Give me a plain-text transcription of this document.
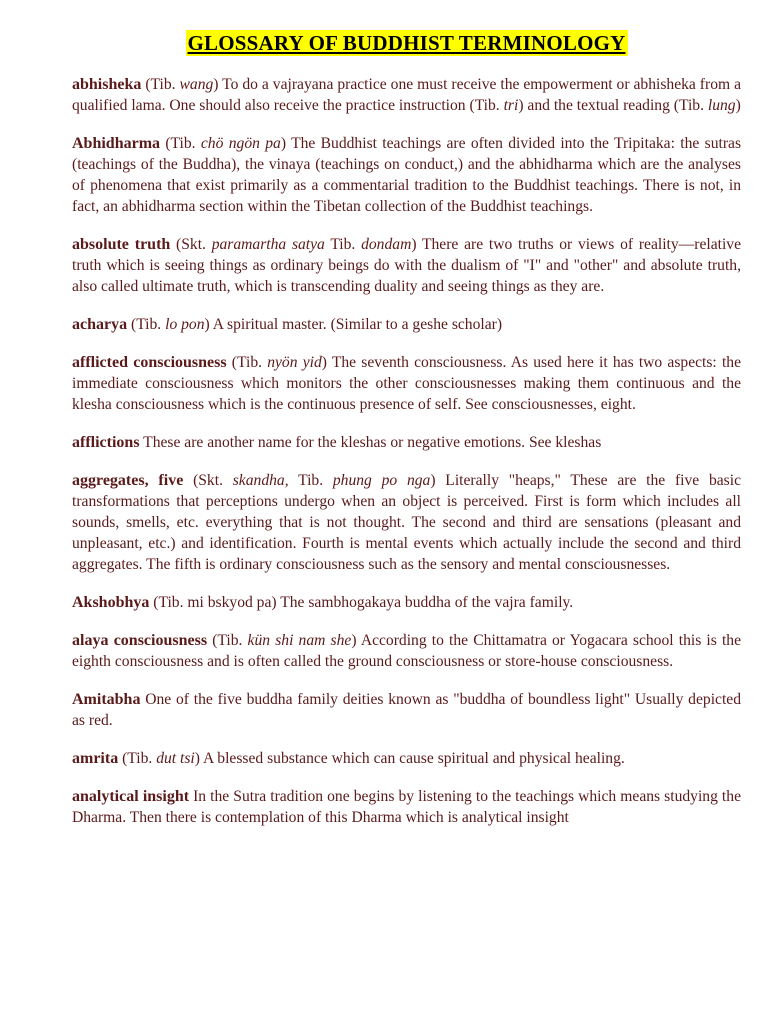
GLOSSARY OF BUDDHIST TERMINOLOGY

abhisheka (Tib. wang) To do a vajrayana practice one must receive the empowerment or abhisheka from a qualified lama. One should also receive the practice instruction (Tib. tri) and the textual reading (Tib. lung)

Abhidharma (Tib. chö ngön pa) The Buddhist teachings are often divided into the Tripitaka: the sutras (teachings of the Buddha), the vinaya (teachings on conduct,) and the abhidharma which are the analyses of phenomena that exist primarily as a commentarial tradition to the Buddhist teachings. There is not, in fact, an abhidharma section within the Tibetan collection of the Buddhist teachings.

absolute truth (Skt. paramartha satya Tib. dondam) There are two truths or views of reality—relative truth which is seeing things as ordinary beings do with the dualism of "I" and "other" and absolute truth, also called ultimate truth, which is transcending duality and seeing things as they are.

acharya (Tib. lo pon) A spiritual master. (Similar to a geshe scholar)

afflicted consciousness (Tib. nyön yid) The seventh consciousness. As used here it has two aspects: the immediate consciousness which monitors the other consciousnesses making them continuous and the klesha consciousness which is the continuous presence of self. See consciousnesses, eight.

afflictions These are another name for the kleshas or negative emotions. See kleshas

aggregates, five (Skt. skandha, Tib. phung po nga) Literally "heaps," These are the five basic transformations that perceptions undergo when an object is perceived. First is form which includes all sounds, smells, etc. everything that is not thought. The second and third are sensations (pleasant and unpleasant, etc.) and identification. Fourth is mental events which actually include the second and third aggregates. The fifth is ordinary consciousness such as the sensory and mental consciousnesses.

Akshobhya (Tib. mi bskyod pa) The sambhogakaya buddha of the vajra family.

alaya consciousness (Tib. kün shi nam she) According to the Chittamatra or Yogacara school this is the eighth consciousness and is often called the ground consciousness or store-house consciousness.

Amitabha One of the five buddha family deities known as "buddha of boundless light" Usually depicted as red.

amrita (Tib. dut tsi) A blessed substance which can cause spiritual and physical healing.

analytical insight In the Sutra tradition one begins by listening to the teachings which means studying the Dharma. Then there is contemplation of this Dharma which is analytical insight
